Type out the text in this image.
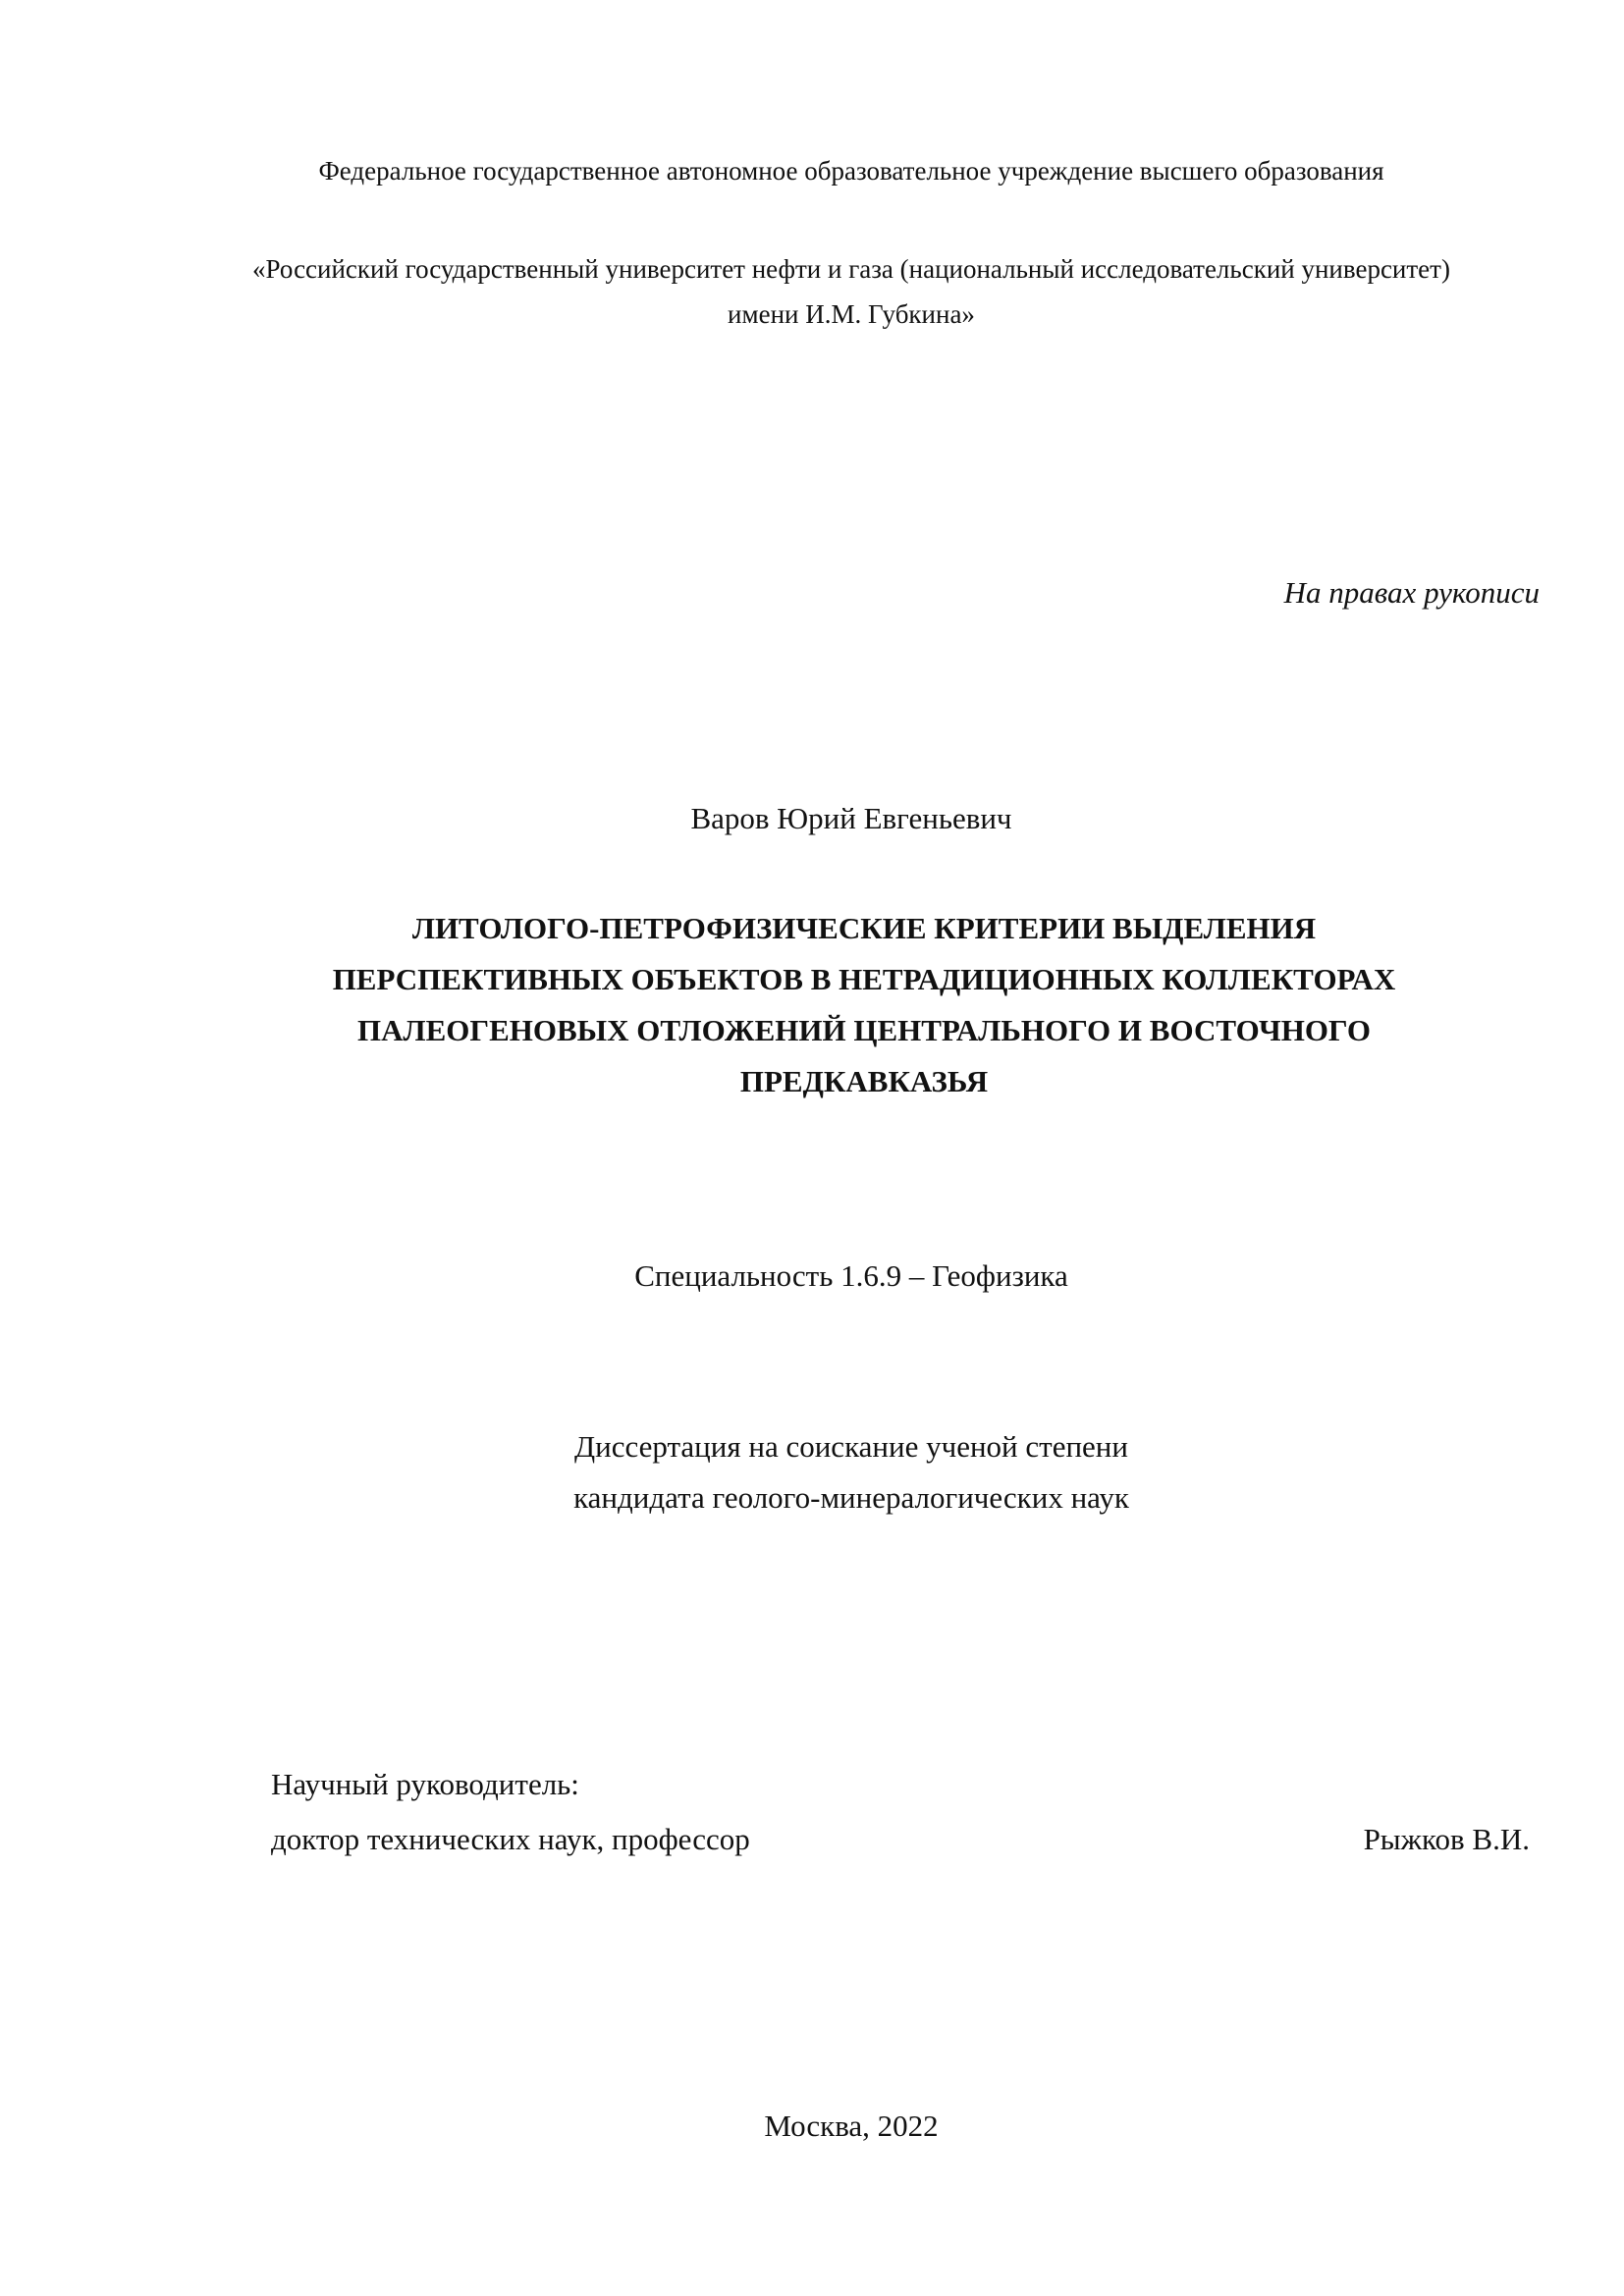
Федеральное государственное автономное образовательное учреждение высшего образования
«Российский государственный университет нефти и газа (национальный исследовательский университет)
имени И.М. Губкина»
На правах рукописи
Варов Юрий Евгеньевич
ЛИТОЛОГО-ПЕТРОФИЗИЧЕСКИЕ КРИТЕРИИ ВЫДЕЛЕНИЯ
ПЕРСПЕКТИВНЫХ ОБЪЕКТОВ В НЕТРАДИЦИОННЫХ КОЛЛЕКТОРАХ
ПАЛЕОГЕНОВЫХ ОТЛОЖЕНИЙ ЦЕНТРАЛЬНОГО И ВОСТОЧНОГО
ПРЕДКАВКАЗЬЯ
Специальность 1.6.9 – Геофизика
Диссертация на соискание ученой степени
кандидата геолого-минералогических наук
Научный руководитель:
доктор технических наук, профессор	Рыжков В.И.
Москва, 2022
